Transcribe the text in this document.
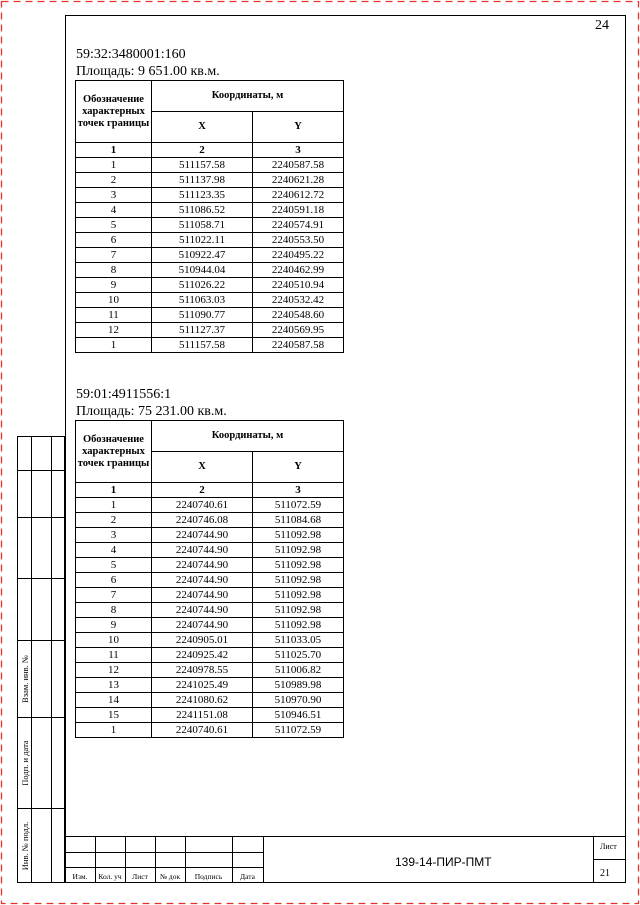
24
59:32:3480001:160
Площадь: 9 651.00 кв.м.
Обозначение характерных точек границы	Координаты, м	
	X	Y
1	2	3
1	511157.58	2240587.58
2	511137.98	2240621.28
3	511123.35	2240612.72
4	511086.52	2240591.18
5	511058.71	2240574.91
6	511022.11	2240553.50
7	510922.47	2240495.22
8	510944.04	2240462.99
9	511026.22	2240510.94
10	511063.03	2240532.42
11	511090.77	2240548.60
12	511127.37	2240569.95
1	511157.58	2240587.58
59:01:4911556:1
Площадь: 75 231.00 кв.м.
Обозначение характерных точек границы	Координаты, м	
	X	Y
1	2	3
1	2240740.61	511072.59
2	2240746.08	511084.68
3	2240744.90	511092.98
4	2240744.90	511092.98
5	2240744.90	511092.98
6	2240744.90	511092.98
7	2240744.90	511092.98
8	2240744.90	511092.98
9	2240744.90	511092.98
10	2240905.01	511033.05
11	2240925.42	511025.70
12	2240978.55	511006.82
13	2241025.49	510989.98
14	2241080.62	510970.90
15	2241151.08	510946.51
1	2240740.61	511072.59
Взам. инв. №
Подп. и дата
Инв. № подл.
Изм.	Кол. уч	Лист	№ док	Подпись	Дата
139-14-ПИР-ПМТ
Лист
21
